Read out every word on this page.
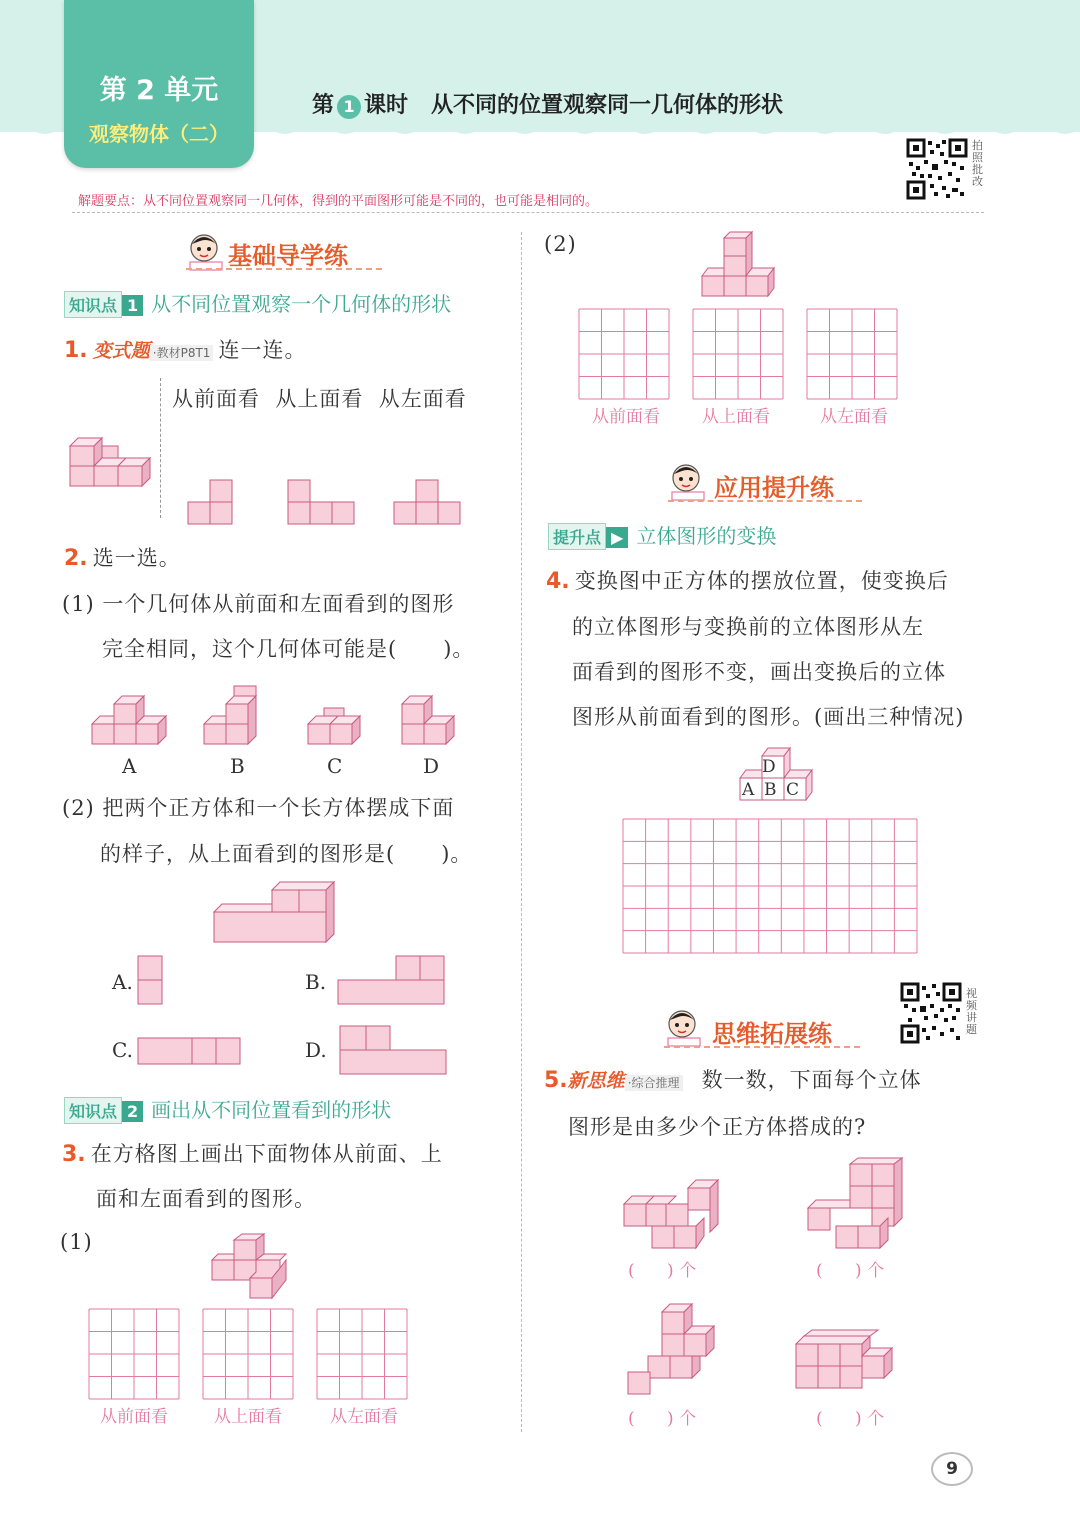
第 2 单元
观察物体（二）
第 1 课时 从不同的位置观察同一几何体的形状
拍照批改
解题要点：从不同位置观察同一几何体，得到的平面图形可能是不同的，也可能是相同的。
基础导学练
知识点 1 从不同位置观察一个几何体的形状
1. 变式题 ·教材P8T1 连一连。
从前面看  从上面看  从左面看
2. 选一选。
(1) 一个几何体从前面和左面看到的图形
完全相同，这个几何体可能是(      )。
A	B	C	D
(2) 把两个正方体和一个长方体摆成下面
的样子，从上面看到的图形是(      )。
A.	B.
C.	D.
知识点 2 画出从不同位置看到的形状
3. 在方格图上画出下面物体从前面、上
面和左面看到的图形。
(1)
从前面看	从上面看	从左面看
(2)
从前面看 从上面看	从左面看
应用提升练
提升点 ▶ 立体图形的变换
4. 变换图中正方体的摆放位置，使变换后
的立体图形与变换前的立体图形从左
面看到的图形不变，画出变换后的立体
图形从前面看到的图形。(画出三种情况)
D
A B C
视频讲题
思维拓展练
5.新思维 ·综合推理 数一数，下面每个立体
图形是由多少个正方体搭成的?
(      ) 个	(      ) 个
(      ) 个	(      ) 个
9
